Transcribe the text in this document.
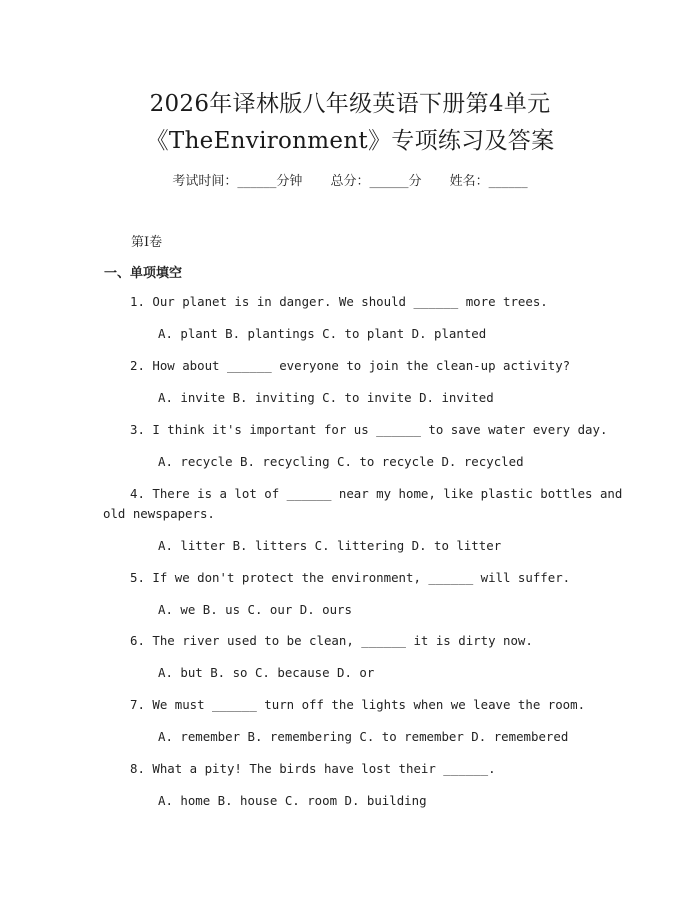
2026年译林版八年级英语下册第4单元
《TheEnvironment》专项练习及答案
考试时间：______分钟 总分：______分 姓名：______
第I卷
一、单项填空
1. Our planet is in danger. We should ______ more trees.
A. plant B. plantings C. to plant D. planted
2. How about ______ everyone to join the clean-up activity?
A. invite B. inviting C. to invite D. invited
3. I think it's important for us ______ to save water every day.
A. recycle B. recycling C. to recycle D. recycled
4. There is a lot of ______ near my home, like plastic bottles and
old newspapers.
A. litter B. litters C. littering D. to litter
5. If we don't protect the environment, ______ will suffer.
A. we B. us C. our D. ours
6. The river used to be clean, ______ it is dirty now.
A. but B. so C. because D. or
7. We must ______ turn off the lights when we leave the room.
A. remember B. remembering C. to remember D. remembered
8. What a pity! The birds have lost their ______.
A. home B. house C. room D. building
